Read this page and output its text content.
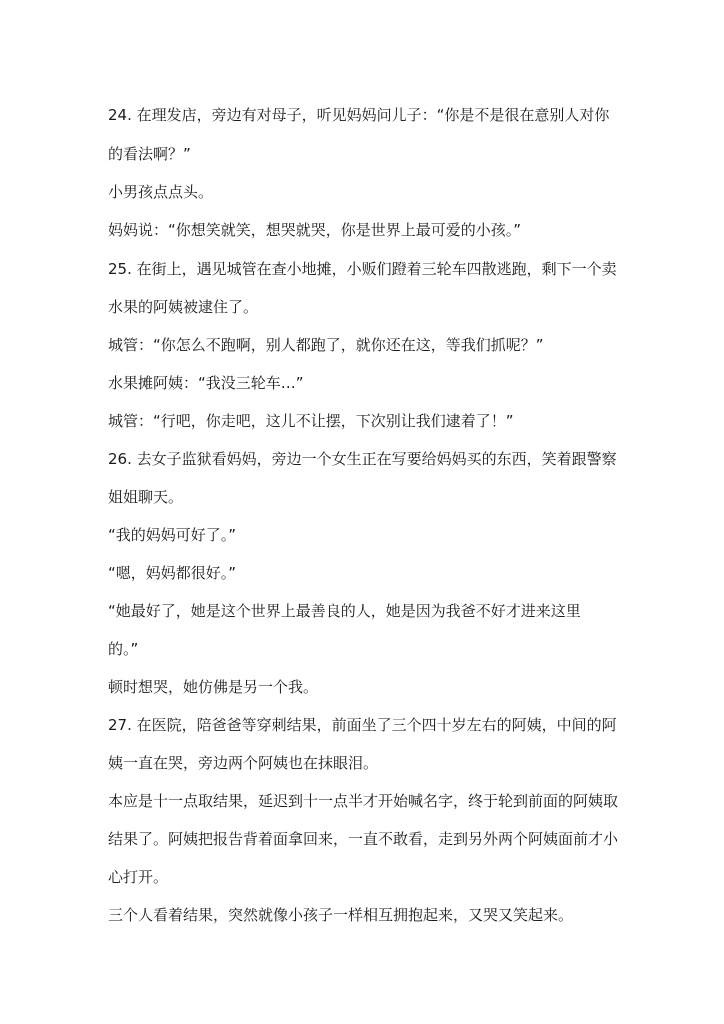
24. 在理发店，旁边有对母子，听见妈妈问儿子：“你是不是很在意别人对你
的看法啊？”
小男孩点点头。
妈妈说：“你想笑就笑，想哭就哭，你是世界上最可爱的小孩。”
25. 在街上，遇见城管在查小地摊，小贩们蹬着三轮车四散逃跑，剩下一个卖
水果的阿姨被逮住了。
城管：“你怎么不跑啊，别人都跑了，就你还在这，等我们抓呢？”
水果摊阿姨：“我没三轮车…”
城管：“行吧，你走吧，这儿不让摆，下次别让我们逮着了！”
26. 去女子监狱看妈妈，旁边一个女生正在写要给妈妈买的东西，笑着跟警察
姐姐聊天。
“我的妈妈可好了。”
“嗯，妈妈都很好。”
“她最好了，她是这个世界上最善良的人，她是因为我爸不好才进来这里
的。”
顿时想哭，她仿佛是另一个我。
27. 在医院，陪爸爸等穿刺结果，前面坐了三个四十岁左右的阿姨，中间的阿
姨一直在哭，旁边两个阿姨也在抹眼泪。
本应是十一点取结果，延迟到十一点半才开始喊名字，终于轮到前面的阿姨取
结果了。阿姨把报告背着面拿回来，一直不敢看，走到另外两个阿姨面前才小
心打开。
三个人看着结果，突然就像小孩子一样相互拥抱起来，又哭又笑起来。
